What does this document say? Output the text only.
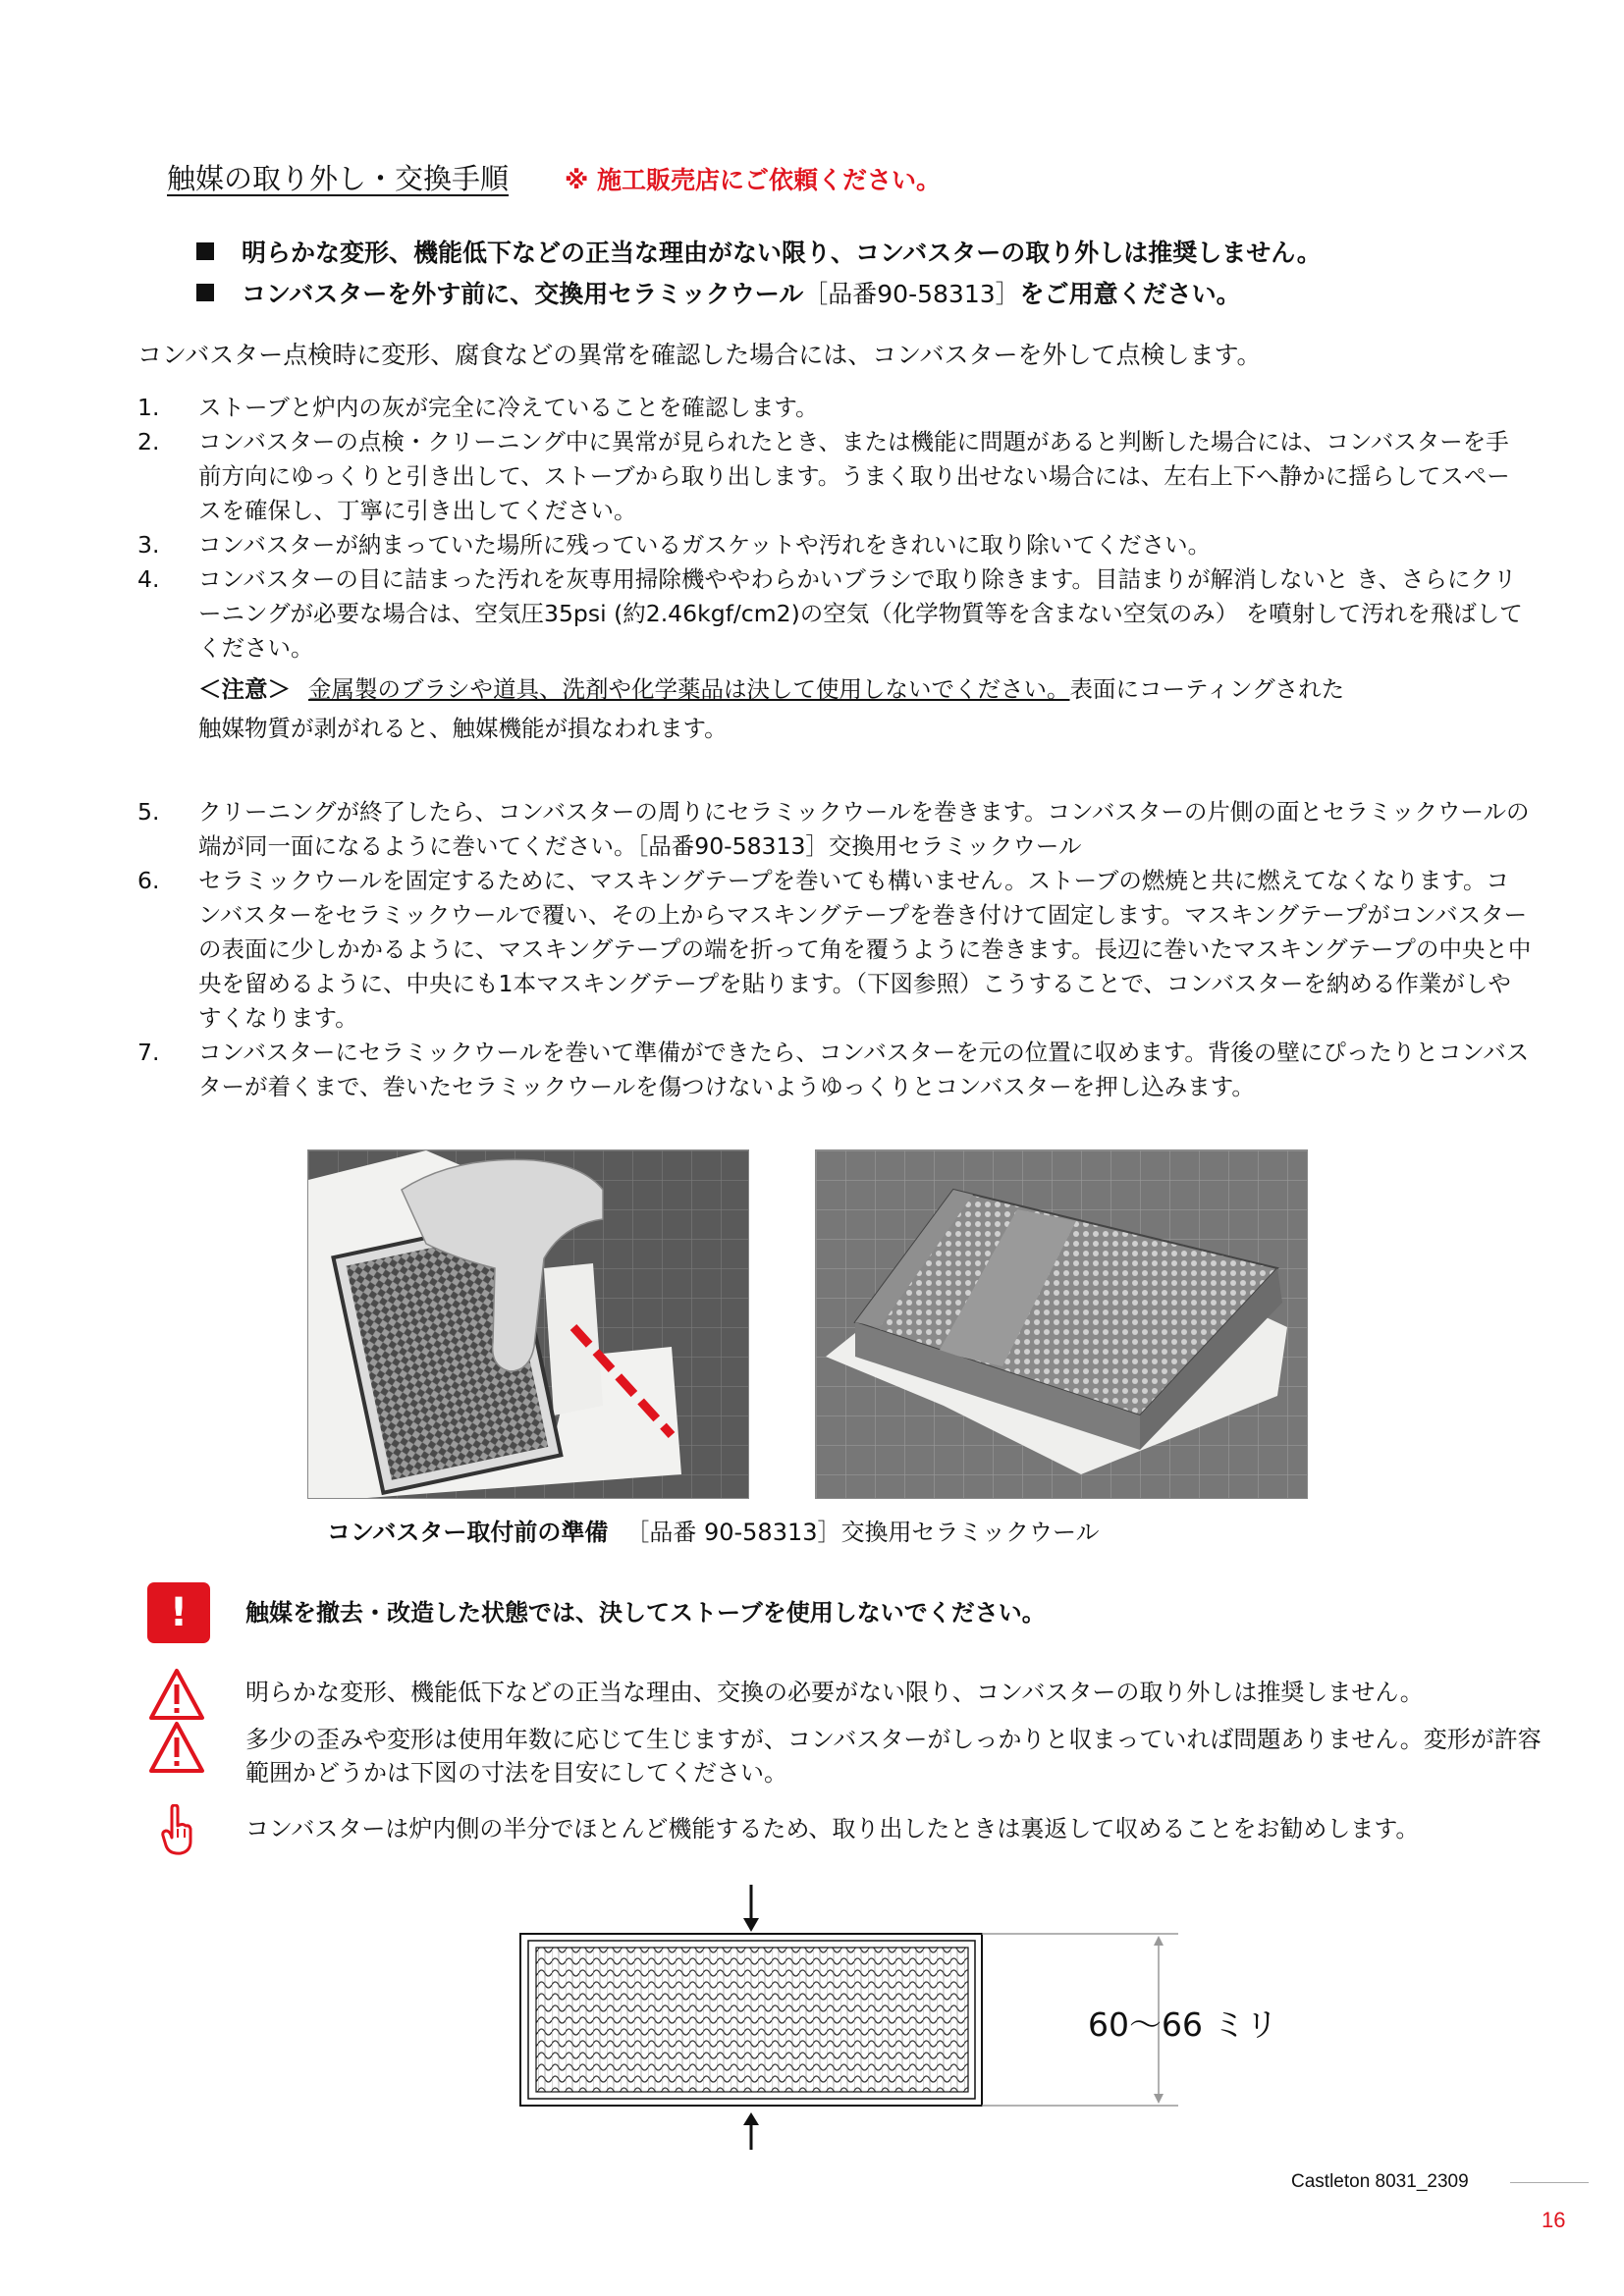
触媒の取り外し・交換手順 ※ 施工販売店にご依頼ください。
明らかな変形、機能低下などの正当な理由がない限り、コンバスターの取り外しは推奨しません。
コンバスターを外す前に、交換用セラミックウール［品番90-58313］をご用意ください。
コンバスター点検時に変形、腐食などの異常を確認した場合には、コンバスターを外して点検します。
1.	ストーブと炉内の灰が完全に冷えていることを確認します。
2.	コンバスターの点検・クリーニング中に異常が見られたとき、または機能に問題があると判断した場合には、コンバスターを手前方向にゆっくりと引き出して、ストーブから取り出します。うまく取り出せない場合には、左右上下へ静かに揺らしてスペースを確保し、丁寧に引き出してください。
3.	コンバスターが納まっていた場所に残っているガスケットや汚れをきれいに取り除いてください。
4.	コンバスターの目に詰まった汚れを灰専用掃除機ややわらかいブラシで取り除きます。目詰まりが解消しないと き、さらにクリーニングが必要な場合は、空気圧35psi (約2.46kgf/cm2)の空気（化学物質等を含まない空気のみ） を噴射して汚れを飛ばしてください。
＜注意＞ 金属製のブラシや道具、洗剤や化学薬品は決して使用しないでください。表面にコーティングされた
触媒物質が剥がれると、触媒機能が損なわれます。
5.	クリーニングが終了したら、コンバスターの周りにセラミックウールを巻きます。コンバスターの片側の面とセラミックウールの端が同一面になるように巻いてください。［品番90-58313］交換用セラミックウール
6.	セラミックウールを固定するために、マスキングテープを巻いても構いません。ストーブの燃焼と共に燃えてなくなります。コンバスターをセラミックウールで覆い、その上からマスキングテープを巻き付けて固定します。マスキングテープがコンバスターの表面に少しかかるように、マスキングテープの端を折って角を覆うように巻きます。長辺に巻いたマスキングテープの中央と中央を留めるように、中央にも1本マスキングテープを貼ります。（下図参照）こうすることで、コンバスターを納める作業がしやすくなります。
7.	コンバスターにセラミックウールを巻いて準備ができたら、コンバスターを元の位置に収めます。背後の壁にぴったりとコンバスターが着くまで、巻いたセラミックウールを傷つけないようゆっくりとコンバスターを押し込みます。
コンバスター取付前の準備 ［品番 90-58313］交換用セラミックウール
!	触媒を撤去・改造した状態では、決してストーブを使用しないでください。
明らかな変形、機能低下などの正当な理由、交換の必要がない限り、コンバスターの取り外しは推奨しません。
多少の歪みや変形は使用年数に応じて生じますが、コンバスターがしっかりと収まっていれば問題ありません。変形が許容範囲かどうかは下図の寸法を目安にしてください。
コンバスターは炉内側の半分でほとんど機能するため、取り出したときは裏返して収めることをお勧めします。
60〜66 ミリ
Castleton 8031_2309
16
